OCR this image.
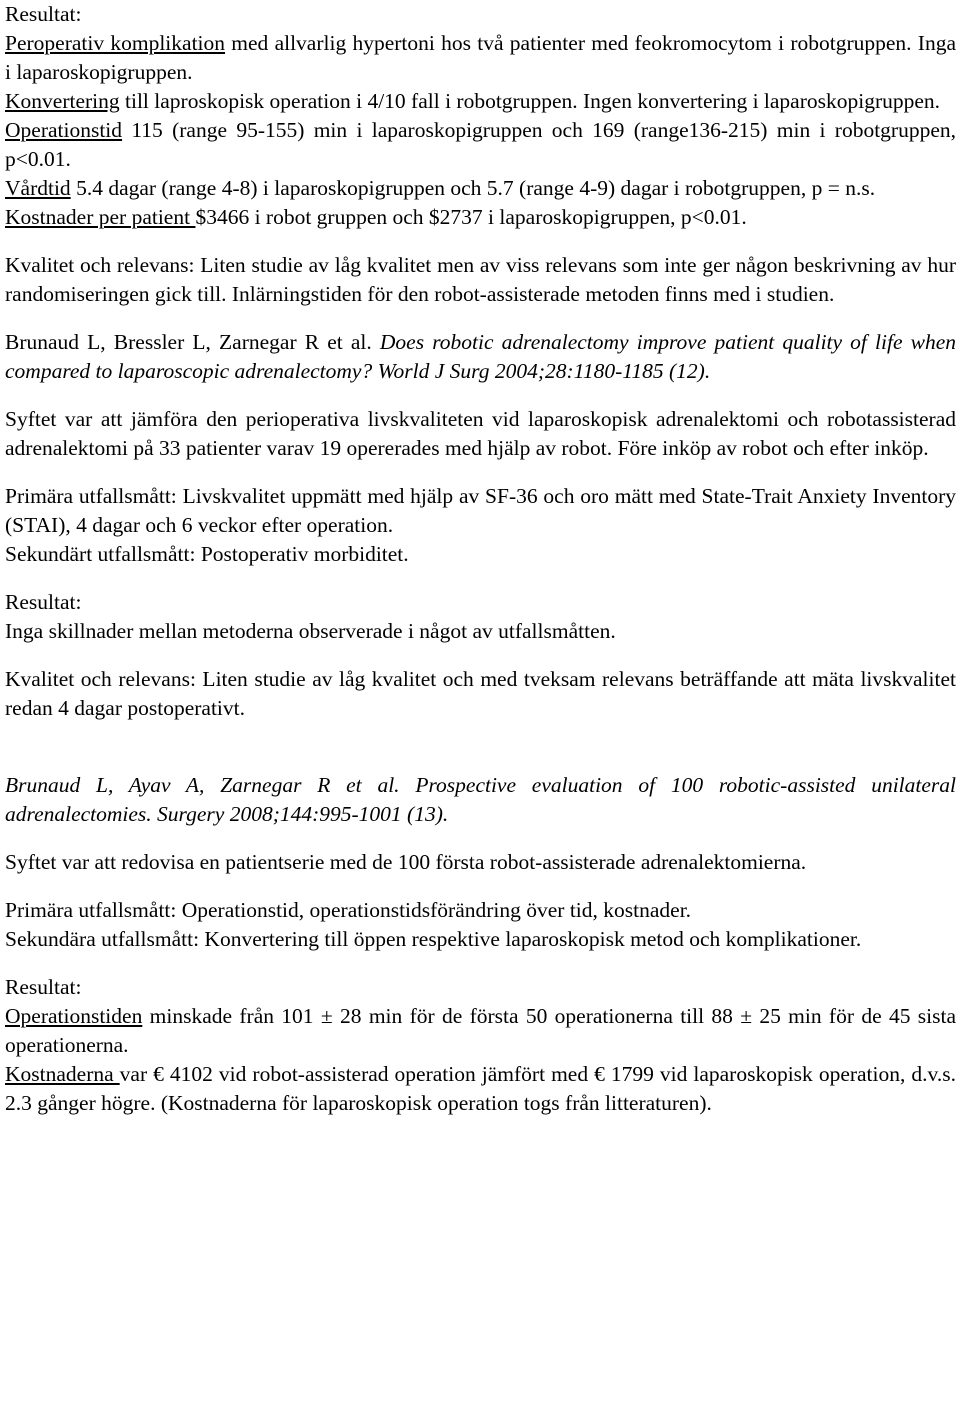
Resultat:

Peroperativ komplikation med allvarlig hypertoni hos två patienter med feokromocytom i robotgruppen. Inga i laparoskopigruppen.

Konvertering till laproskopisk operation i 4/10 fall i robotgruppen. Ingen konvertering i laparoskopigruppen.

Operationstid 115 (range 95-155) min i laparoskopigruppen och 169 (range136-215) min i robotgruppen, p<0.01.

Vårdtid 5.4 dagar (range 4-8) i laparoskopigruppen och 5.7 (range 4-9) dagar i robotgruppen, p = n.s.

Kostnader per patient $3466 i robot gruppen och $2737 i laparoskopigruppen, p<0.01.

Kvalitet och relevans: Liten studie av låg kvalitet men av viss relevans som inte ger någon beskrivning av hur randomiseringen gick till. Inlärningstiden för den robot-assisterade metoden finns med i studien.

Brunaud L, Bressler L, Zarnegar R et al. Does robotic adrenalectomy improve patient quality of life when compared to laparoscopic adrenalectomy? World J Surg 2004;28:1180-1185 (12).

Syftet var att jämföra den perioperativa livskvaliteten vid laparoskopisk adrenalektomi och robotassisterad adrenalektomi på 33 patienter varav 19 opererades med hjälp av robot. Före inköp av robot och efter inköp.

Primära utfallsmått: Livskvalitet uppmätt med hjälp av SF-36 och oro mätt med State-Trait Anxiety Inventory (STAI), 4 dagar och 6 veckor efter operation.

Sekundärt utfallsmått: Postoperativ morbiditet.

Resultat:

Inga skillnader mellan metoderna observerade i något av utfallsmåtten.

Kvalitet och relevans: Liten studie av låg kvalitet och med tveksam relevans beträffande att mäta livskvalitet redan 4 dagar postoperativt.

Brunaud L, Ayav A, Zarnegar R et al. Prospective evaluation of 100 robotic-assisted unilateral adrenalectomies. Surgery 2008;144:995-1001 (13).

Syftet var att redovisa en patientserie med de 100 första robot-assisterade adrenalektomierna.

Primära utfallsmått: Operationstid, operationstidsförändring över tid, kostnader.

Sekundära utfallsmått: Konvertering till öppen respektive laparoskopisk metod och komplikationer.

Resultat:

Operationstiden minskade från 101 ± 28 min för de första 50 operationerna till 88 ± 25 min för de 45 sista operationerna.

Kostnaderna var € 4102 vid robot-assisterad operation jämfört med € 1799 vid laparoskopisk operation, d.v.s. 2.3 gånger högre. (Kostnaderna för laparoskopisk operation togs från litteraturen).
